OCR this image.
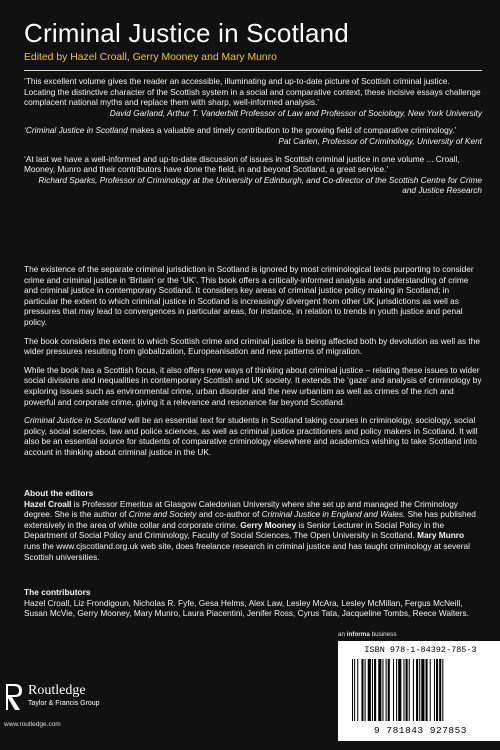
Criminal Justice in Scotland
Edited by Hazel Croall, Gerry Mooney and Mary Munro

‘This excellent volume gives the reader an accessible, illuminating and up-to-date picture of Scottish criminal justice. Locating the distinctive character of the Scottish system in a social and comparative context, these incisive essays challenge complacent national myths and replace them with sharp, well-informed analysis.’

David Garland, Arthur T. Vanderbilt Professor of Law and Professor of Sociology, New York University

‘Criminal Justice in Scotland makes a valuable and timely contribution to the growing field of comparative criminology.’

Pat Carlen, Professor of Criminology, University of Kent

‘At last we have a well-informed and up-to-date discussion of issues in Scottish criminal justice in one volume ... Croall, Mooney, Munro and their contributors have done the field, in and beyond Scotland, a great service.’

Richard Sparks, Professor of Criminology at the University of Edinburgh, and Co-director of the Scottish Centre for Crime and Justice Research

The existence of the separate criminal jurisdiction in Scotland is ignored by most criminological texts purporting to consider crime and criminal justice in ‘Britain’ or the ‘UK’. This book offers a critically-informed analysis and understanding of crime and criminal justice in contemporary Scotland. It considers key areas of criminal justice policy making in Scotland; in particular the extent to which criminal justice in Scotland is increasingly divergent from other UK jurisdictions as well as pressures that may lead to convergences in particular areas, for instance, in relation to trends in youth justice and penal policy.

The book considers the extent to which Scottish crime and criminal justice is being affected both by devolution as well as the wider pressures resulting from globalization, Europeanisation and new patterns of migration.

While the book has a Scottish focus, it also offers new ways of thinking about criminal justice – relating these issues to wider social divisions and inequalities in contemporary Scottish and UK society. It extends the ‘gaze’ and analysis of criminology by exploring issues such as environmental crime, urban disorder and the new urbanism as well as crimes of the rich and powerful and corporate crime, giving it a relevance and resonance far beyond Scotland.

Criminal Justice in Scotland will be an essential text for students in Scotland taking courses in criminology, sociology, social policy, social sciences, law and police sciences, as well as criminal justice practitioners and policy makers in Scotland. It will also be an essential source for students of comparative criminology elsewhere and academics wishing to take Scotland into account in thinking about criminal justice in the UK.

About the editors

Hazel Croall is Professor Emeritus at Glasgow Caledonian University where she set up and managed the Criminology degree. She is the author of Crime and Society and co-author of Criminal Justice in England and Wales. She has published extensively in the area of white collar and corporate crime. Gerry Mooney is Senior Lecturer in Social Policy in the Department of Social Policy and Criminology, Faculty of Social Sciences, The Open University in Scotland. Mary Munro runs the www.cjscotland.org.uk web site, does freelance research in criminal justice and has taught criminology at several Scottish universities.

The contributors

Hazel Croall, Liz Frondigoun, Nicholas R. Fyfe, Gesa Helms, Alex Law, Lesley McAra, Lesley McMillan, Fergus McNeill, Susan McVie, Gerry Mooney, Mary Munro, Laura Piacentini, Jenifer Ross, Cyrus Tata, Jacqueline Tombs, Reece Walters.

an informa business
ISBN 978-1-84392-785-3
9 781843 927853
Routledge
Taylor & Francis Group
www.routledge.com
